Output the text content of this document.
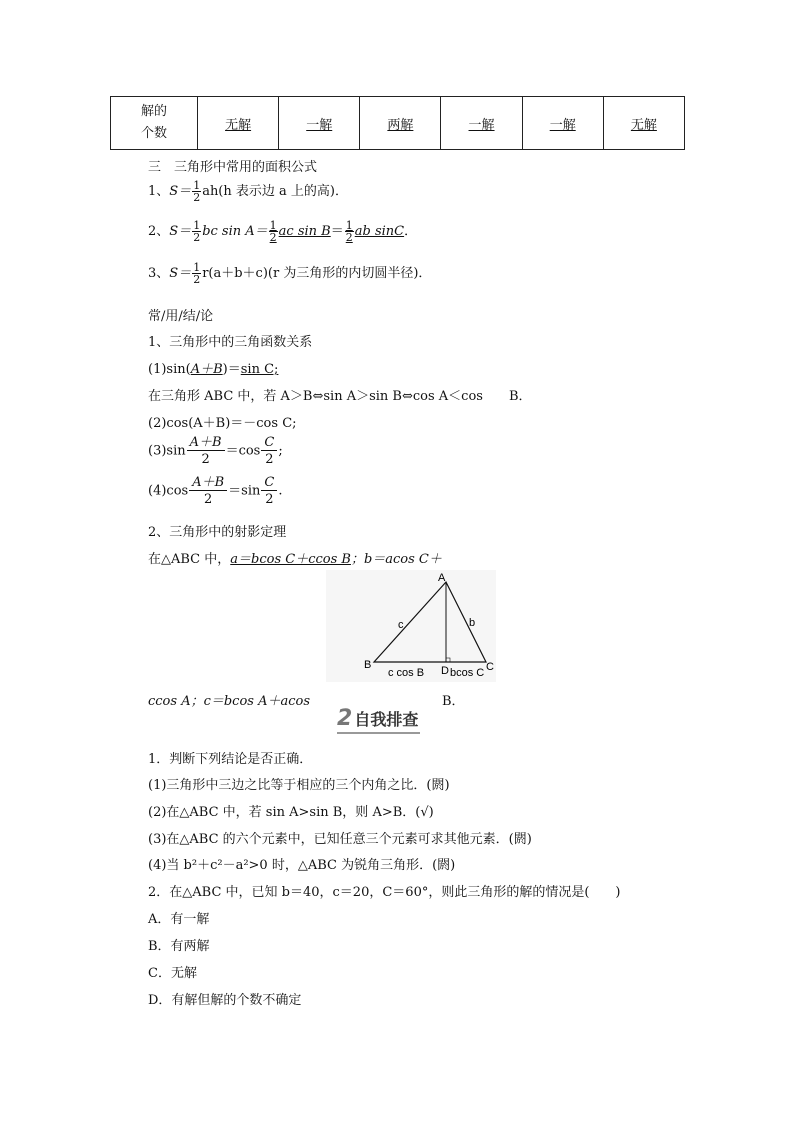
解的
个数
	无解	一解	两解	一解	一解	无解
三　三角形中常用的面积公式
1、$S= \frac{1}{2} ah(h$ 表示边 a 上的高)．
2、$S= \frac{1}{2}$ bc $\sin A= \frac{1}{2}$ ac $\sin B= \frac{1}{2}$ ab sinC．
3、$S= \frac{1}{2} r(a+b+c)(r$ 为三角形的内切圆半径)．
常/用/结/论
1、三角形中的三角函数关系
(1)sin(A＋B)＝sin C;
在三角形 ABC 中，若 A＞B⇔sin A＞sin B⇔cos A＜cos　　B．
(2)cos(A＋B)＝－cos C;
$(3)\sin \frac{A+B}{2} =\cos \frac{C}{2}$ ;
$(4)\cos \frac{A+B}{2} =\sin \frac{C}{2}$ .
2、三角形中的射影定理
在△ABC 中，a＝bcos C＋ccos B；b＝acos C＋
A
B	C
D
b
c
c cos B bcos C
ccos A；c＝bcos A＋acos	B．
2 自我排查
1．判断下列结论是否正确．
(1)三角形中三边之比等于相应的三个内角之比．(閼)
(2)在△ABC 中，若 sin A>sin B，则 A>B．(√)
(3)在△ABC 的六个元素中，已知任意三个元素可求其他元素．(閼)
(4)当 b²＋c²－a²>0 时，△ABC 为锐角三角形．(閼)
2．在△ABC 中，已知 b＝40，c＝20，C＝60°，则此三角形的解的情况是(　　)
A．有一解
B．有两解
C．无解
D．有解但解的个数不确定
